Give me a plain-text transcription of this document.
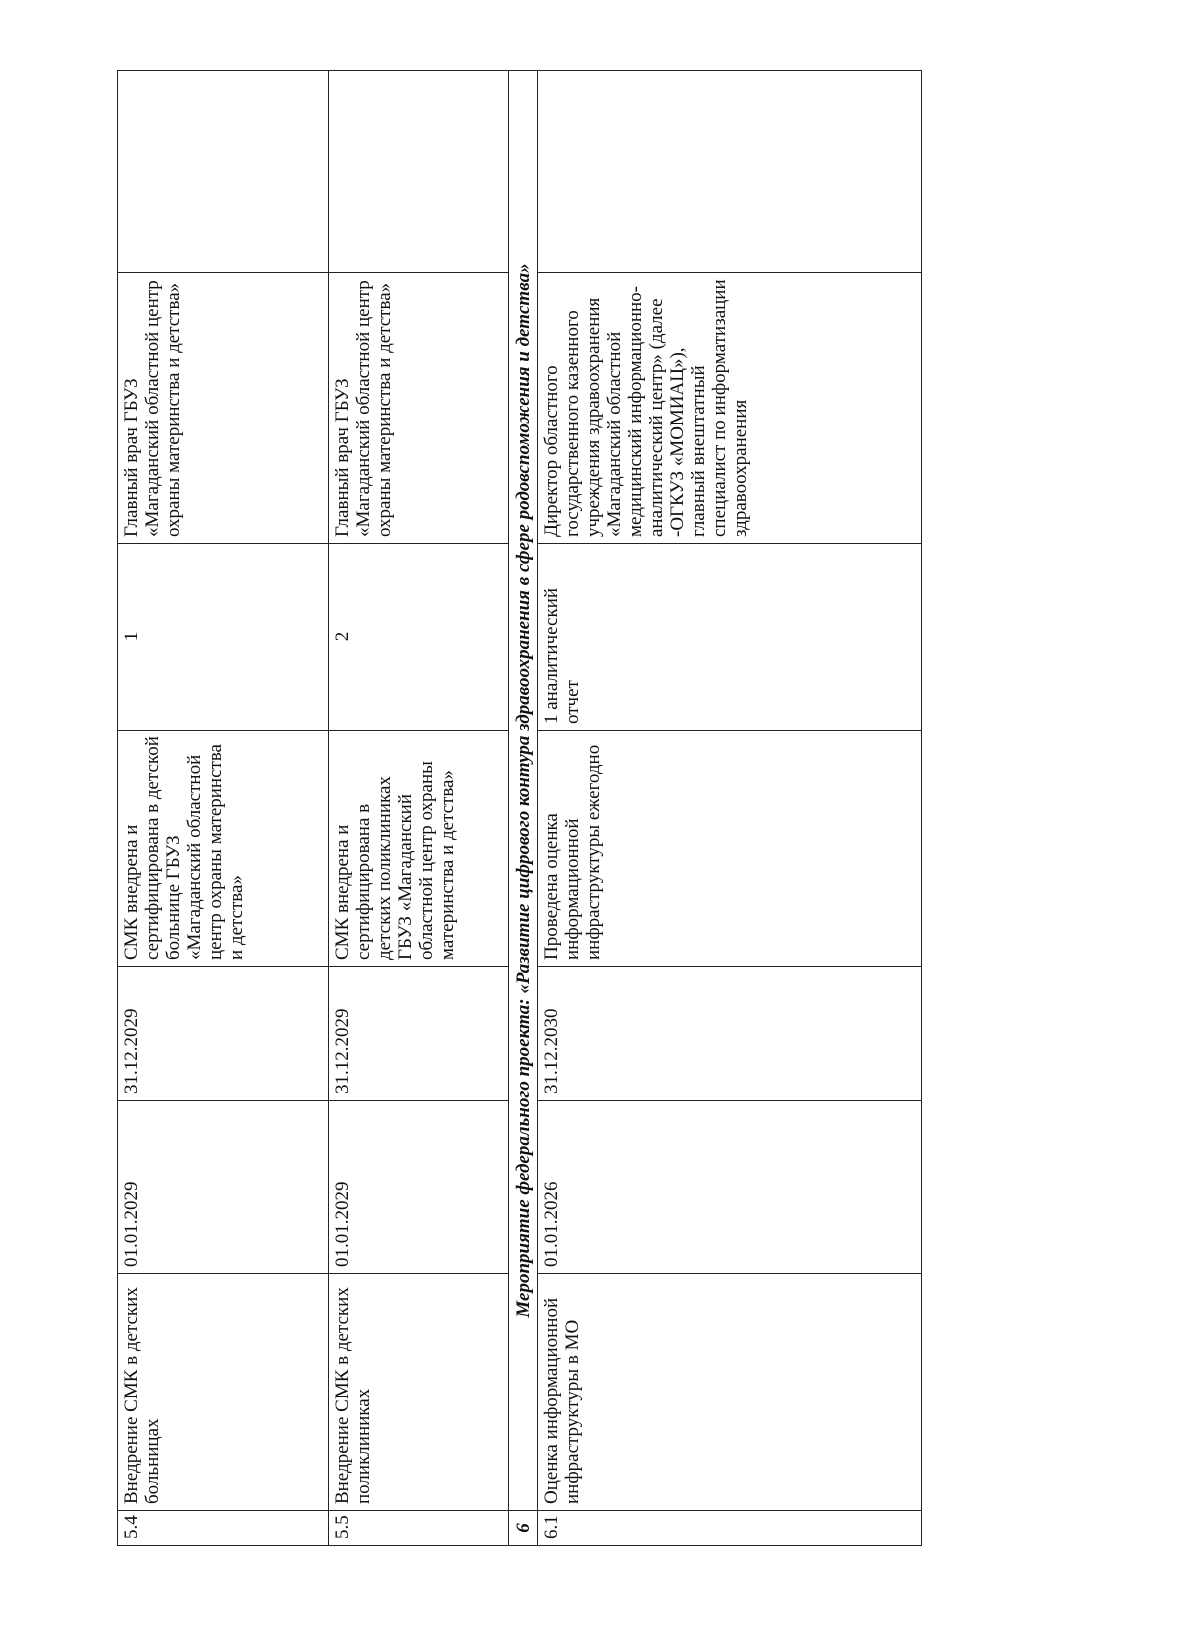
5.4	Внедрение СМК в детских больницах	01.01.2029	31.12.2029	СМК внедрена и сертифицирована в детской больнице ГБУЗ «Магаданский областной центр охраны материнства и детства»	1	Главный врач ГБУЗ «Магаданский областной центр охраны материнства и детства»	
5.5	Внедрение СМК в детских поликлиниках	01.01.2029	31.12.2029	СМК внедрена и сертифицирована в детских поликлиниках ГБУЗ «Магаданский областной центр охраны материнства и детства»	2	Главный врач ГБУЗ «Магаданский областной центр охраны материнства и детства»	
6	Мероприятие федерального проекта: «Развитие цифрового контура здравоохранения в сфере родовспоможения и детства»						
6.1	Оценка информационной инфраструктуры в МО	01.01.2026	31.12.2030	Проведена оценка информационной инфраструктуры ежегодно	1 аналитический отчет	Директор областного государственного казенного учреждения здравоохранения «Магаданский областной медицинский информационно-аналитический центр» (далее -ОГКУЗ «МОМИАЦ»), главный внештатный специалист по информатизации здравоохранения	
